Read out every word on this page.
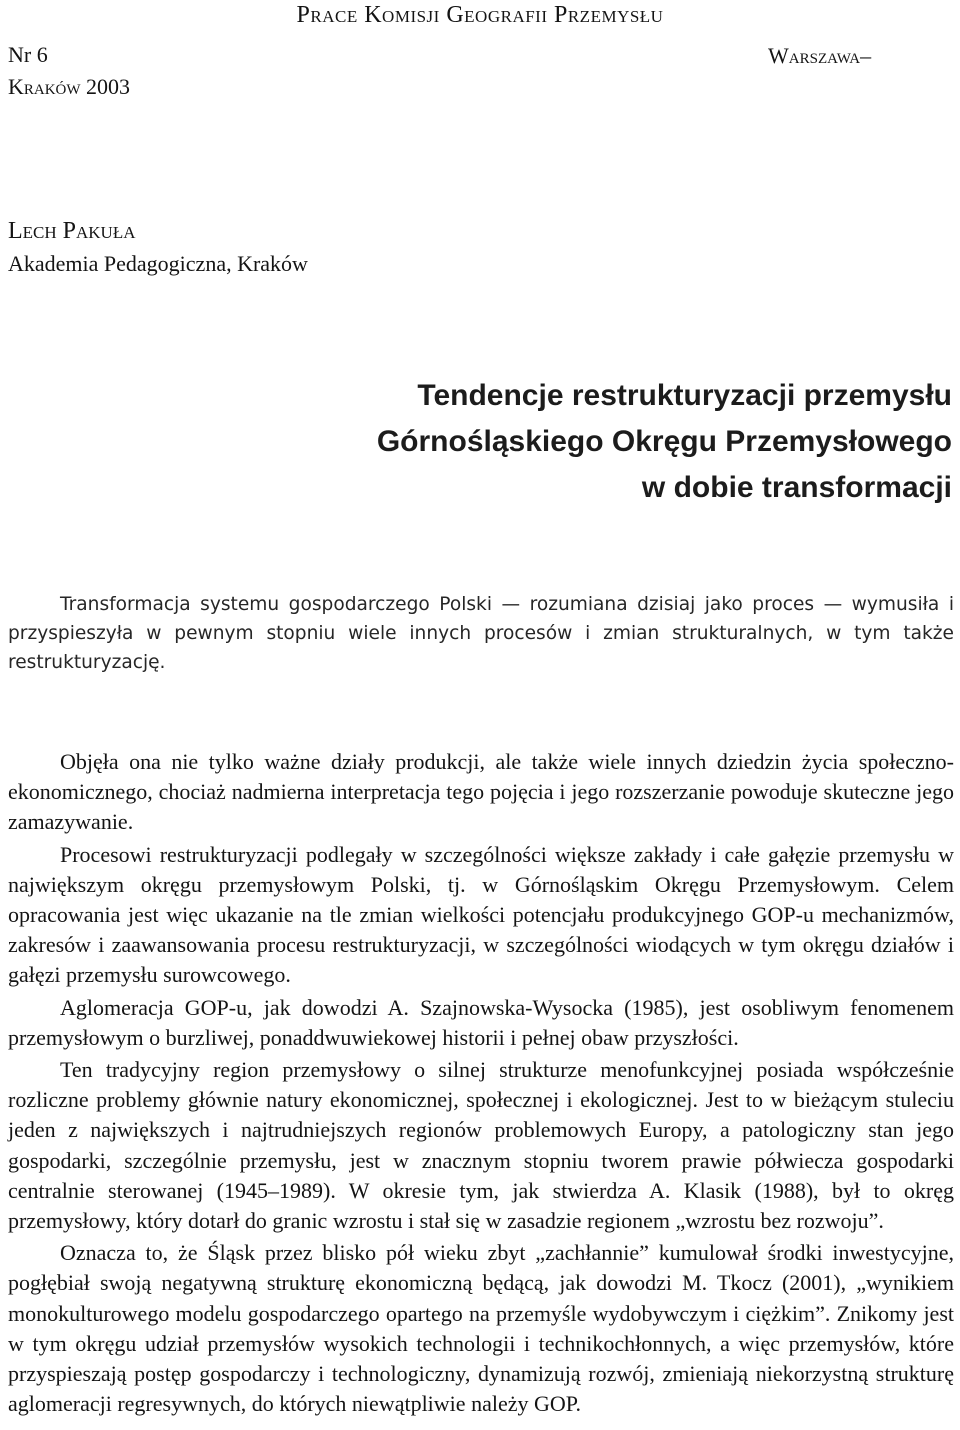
Prace Komisji Geografii Przemysłu
Nr 6
Kraków 2003
Warszawa–
Lech Pakuła
Akademia Pedagogiczna, Kraków
Tendencje restrukturyzacji przemysłu
Górnośląskiego Okręgu Przemysłowego
w dobie transformacji

Transformacja systemu gospodarczego Polski — rozumiana dzisiaj jako proces — wymusiła i przyspieszyła w pewnym stopniu wiele innych procesów i zmian strukturalnych, w tym także restrukturyzację.

Objęła ona nie tylko ważne działy produkcji, ale także wiele innych dziedzin życia społeczno-ekonomicznego, chociaż nadmierna interpretacja tego pojęcia i jego rozszerzanie powoduje skuteczne jego zamazywanie.

Procesowi restrukturyzacji podlegały w szczególności większe zakłady i całe gałęzie przemysłu w największym okręgu przemysłowym Polski, tj. w Górnośląskim Okręgu Przemysłowym. Celem opracowania jest więc ukazanie na tle zmian wielkości potencjału produkcyjnego GOP-u mechanizmów, zakresów i zaawansowania procesu restrukturyzacji, w szczególności wiodących w tym okręgu działów i gałęzi przemysłu surowcowego.

Aglomeracja GOP-u, jak dowodzi A. Szajnowska-Wysocka (1985), jest osobliwym fenomenem przemysłowym o burzliwej, ponaddwuwiekowej historii i pełnej obaw przyszłości.

Ten tradycyjny region przemysłowy o silnej strukturze menofunkcyjnej posiada współcześnie rozliczne problemy głównie natury ekonomicznej, społecznej i ekologicznej. Jest to w bieżącym stuleciu jeden z największych i najtrudniejszych regionów problemowych Europy, a patologiczny stan jego gospodarki, szczególnie przemysłu, jest w znacznym stopniu tworem prawie półwiecza gospodarki centralnie sterowanej (1945–1989). W okresie tym, jak stwierdza A. Klasik (1988), był to okręg przemysłowy, który dotarł do granic wzrostu i stał się w zasadzie regionem „wzrostu bez rozwoju”.

Oznacza to, że Śląsk przez blisko pół wieku zbyt „zachłannie” kumulował środki inwestycyjne, pogłębiał swoją negatywną strukturę ekonomiczną będącą, jak dowodzi M. Tkocz (2001), „wynikiem monokulturowego modelu gospodarczego opartego na przemyśle wydobywczym i ciężkim”. Znikomy jest w tym okręgu udział przemysłów wysokich technologii i technikochłonnych, a więc przemysłów, które przyspieszają postęp gospodarczy i technologiczny, dynamizują rozwój, zmieniają niekorzystną strukturę aglomeracji regresywnych, do których niewątpliwie należy GOP.
